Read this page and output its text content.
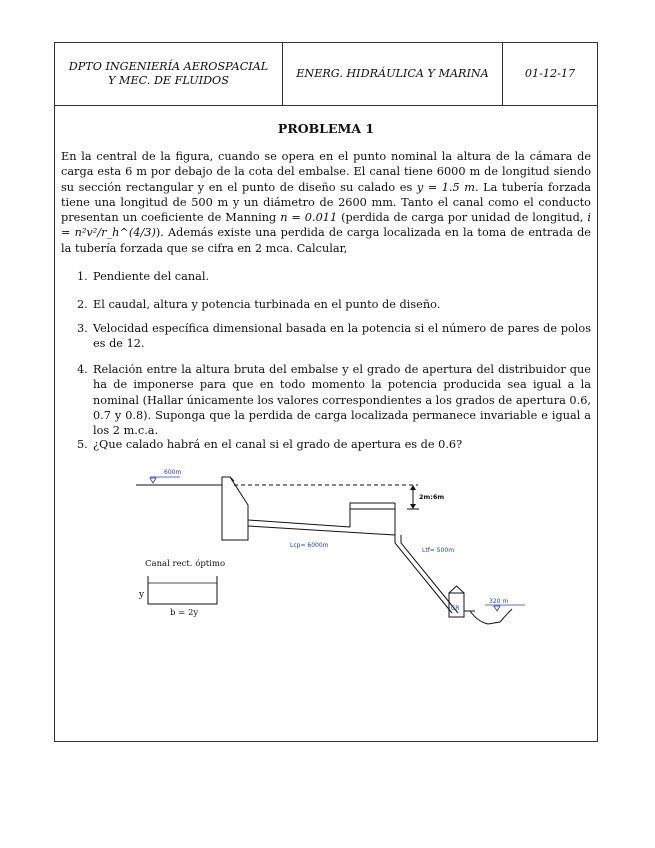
DPTO INGENIERÍA AEROSPACIAL
Y MEC. DE FLUIDOS
ENERG. HIDRÁULICA Y MARINA	01-12-17
PROBLEMA 1

En la central de la figura, cuando se opera en el punto nominal la altura de la cámara de carga esta 6 m por debajo de la cota del embalse. El canal tiene 6000 m de longitud siendo su sección rectangular y en el punto de diseño su calado es y = 1.5 m. La tubería forzada tiene una longitud de 500 m y un diámetro de 2600 mm. Tanto el canal como el conducto presentan un coeficiente de Manning n = 0.011 (perdida de carga por unidad de longitud, i = n²v²/r_h^(4/3)). Además existe una perdida de carga localizada en la toma de entrada de la tubería forzada que se cifra en 2 mca. Calcular,

1. Pendiente del canal.
2. El caudal, altura y potencia turbinada en el punto de diseño.
3. Velocidad específica dimensional basada en la potencia si el número de pares de polos es de 12.
4. Relación entre la altura bruta del embalse y el grado de apertura del distribuidor que ha de imponerse para que en todo momento la potencia producida sea igual a la nominal (Hallar únicamente los valores correspondientes a los grados de apertura 0.6, 0.7 y 0.8). Suponga que la perdida de carga localizada permanece invariable e igual a los 2 m.c.a.
5. ¿Que calado habrá en el canal si el grado de apertura es de 0.6?
600m
Lcp= 6000m
2m:6m
Ltf= 500m
CR
320 m
Canal rect. óptimo
y
b = 2y
